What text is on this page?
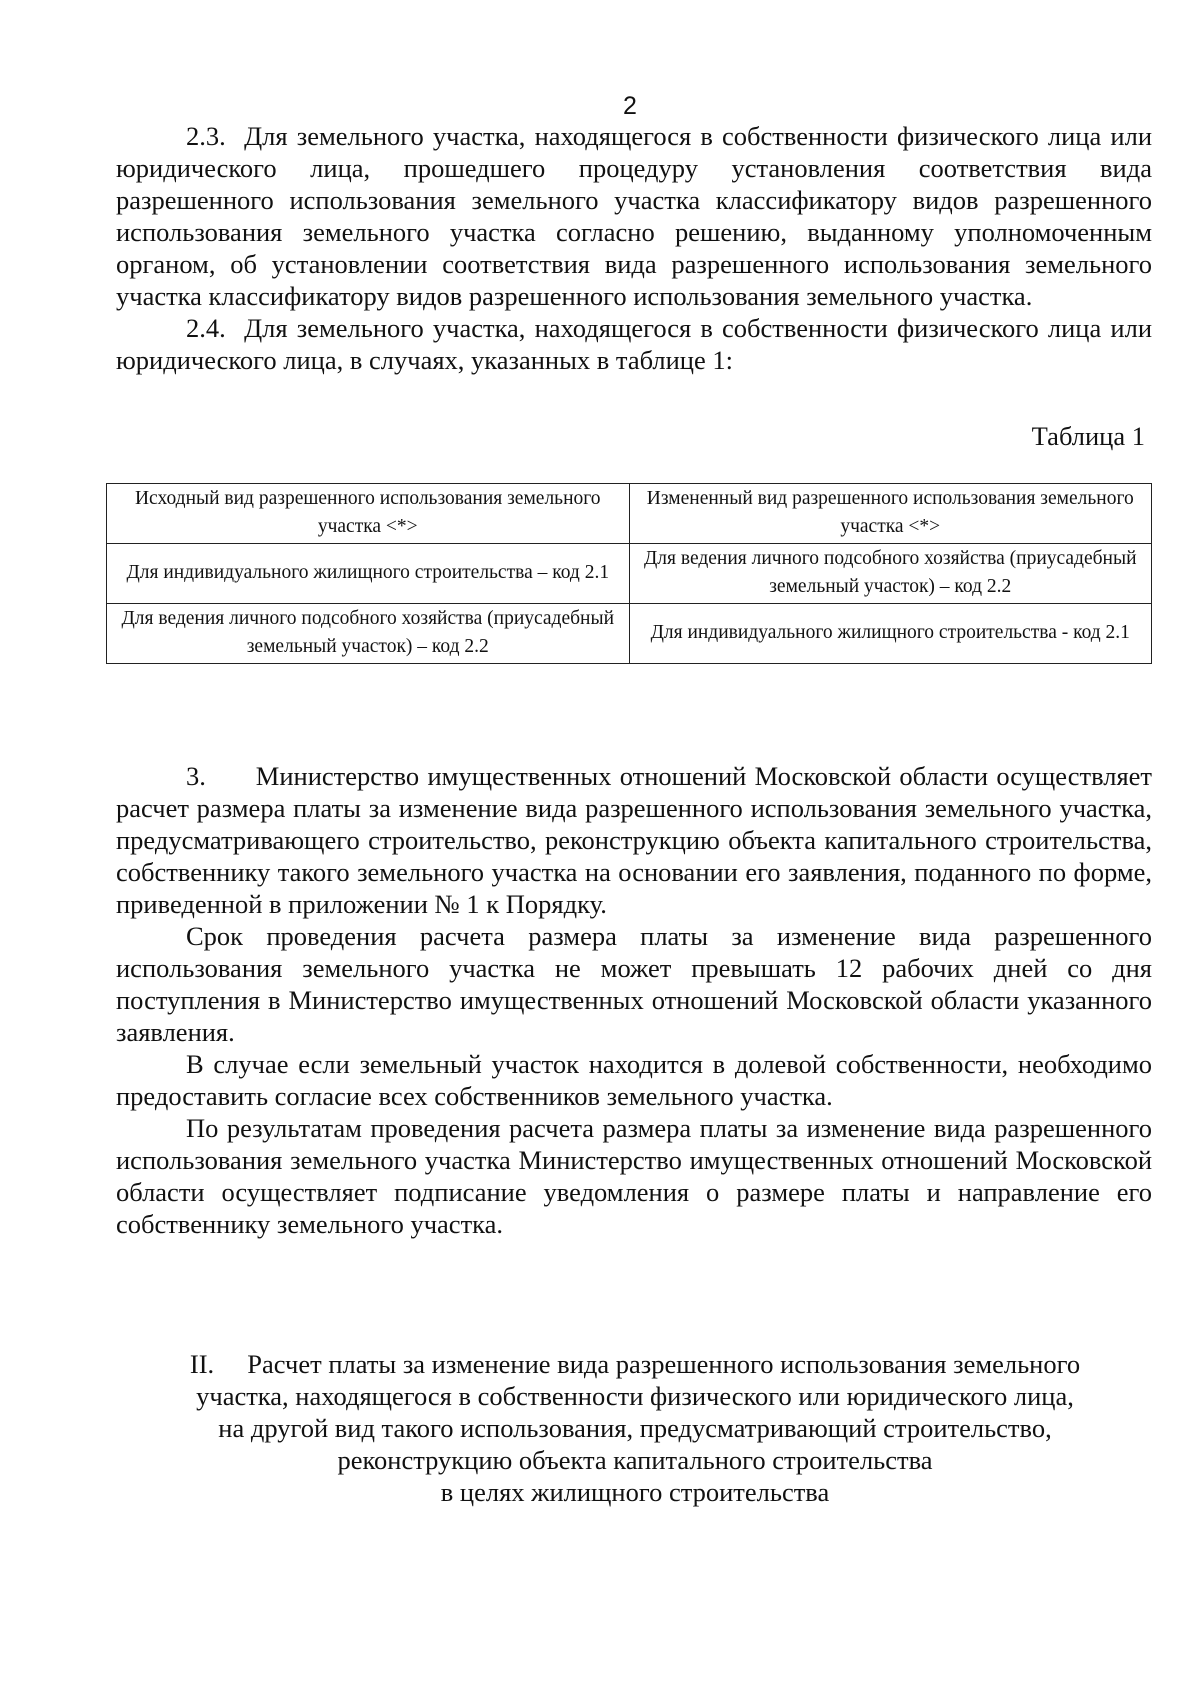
2

2.3.  Для земельного участка, находящегося в собственности физического лица или юридического лица, прошедшего процедуру установления соответствия вида разрешенного использования земельного участка классификатору видов разрешенного использования земельного участка согласно решению, выданному уполномоченным органом, об установлении соответствия вида разрешенного использования земельного участка классификатору видов разрешенного использования земельного участка.

2.4.  Для земельного участка, находящегося в собственности физического лица или юридического лица, в случаях, указанных в таблице 1:

Таблица 1
Исходный вид разрешенного использования земельного участка <*>	Измененный вид разрешенного использования земельного участка <*>
Для индивидуального жилищного строительства – код 2.1	Для ведения личного подсобного хозяйства (приусадебный земельный участок) – код 2.2
Для ведения личного подсобного хозяйства (приусадебный земельный участок) – код 2.2	Для индивидуального жилищного строительства - код 2.1

3.      Министерство имущественных отношений Московской области осуществляет расчет размера платы за изменение вида разрешенного использования земельного участка, предусматривающего строительство, реконструкцию объекта капитального строительства, собственнику такого земельного участка на основании его заявления, поданного по форме, приведенной в приложении № 1 к Порядку.

Срок проведения расчета размера платы за изменение вида разрешенного использования земельного участка не может превышать 12 рабочих дней со дня поступления в Министерство имущественных отношений Московской области указанного заявления.

В случае если земельный участок находится в долевой собственности, необходимо предоставить согласие всех собственников земельного участка.

По результатам проведения расчета размера платы за изменение вида разрешенного использования земельного участка Министерство имущественных отношений Московской области осуществляет подписание уведомления о размере платы и направление его собственнику земельного участка.

II.     Расчет платы за изменение вида разрешенного использования земельного
участка, находящегося в собственности физического или юридического лица,
на другой вид такого использования, предусматривающий строительство,
реконструкцию объекта капитального строительства
в целях жилищного строительства
